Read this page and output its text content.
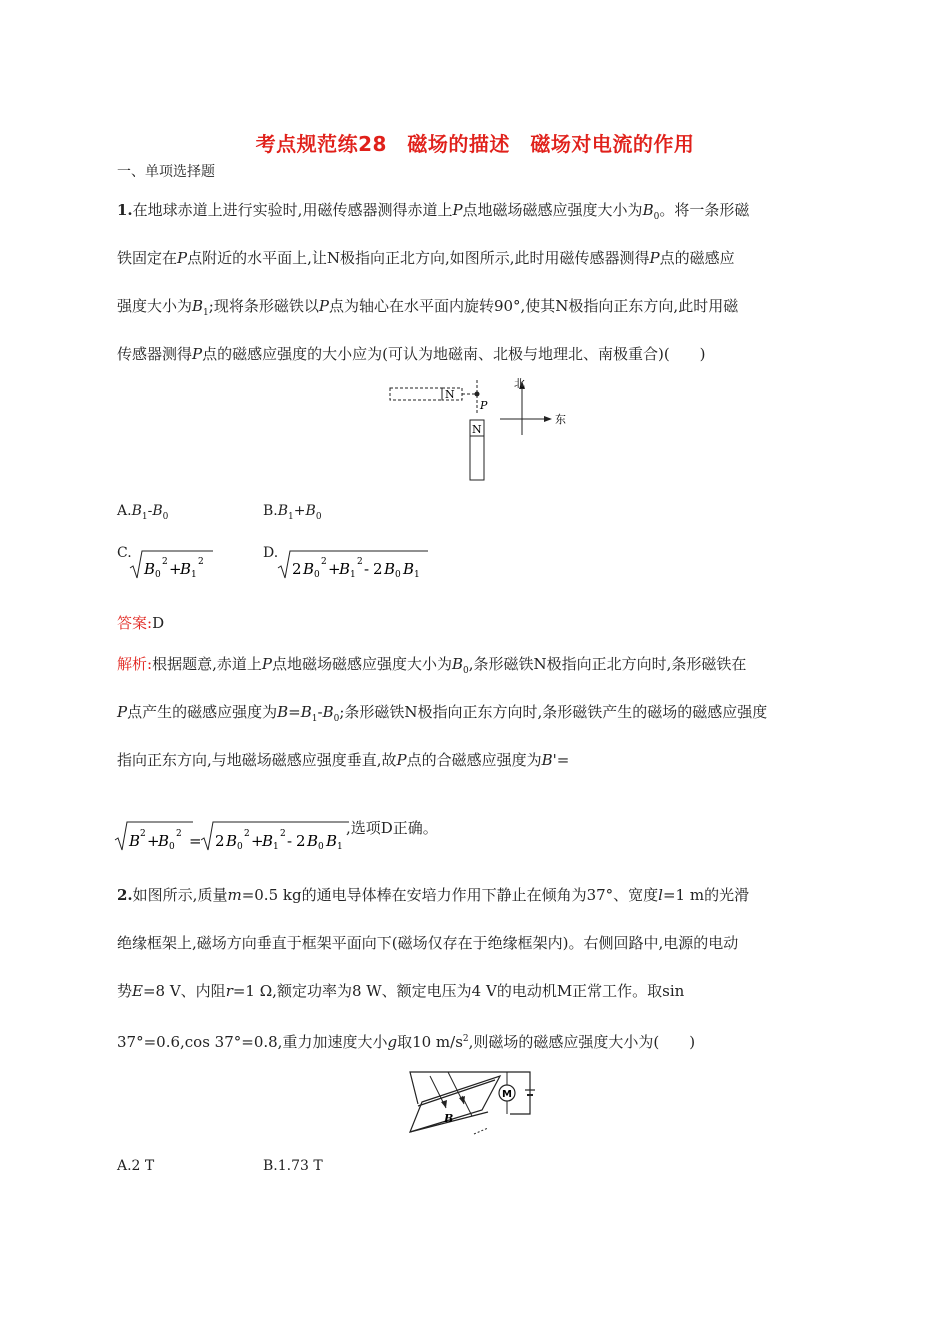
考点规范练28　磁场的描述　磁场对电流的作用
一、单项选择题
1.在地球赤道上进行实验时,用磁传感器测得赤道上P点地磁场磁感应强度大小为$B_0$。将一条形磁
铁固定在P点附近的水平面上,让N极指向正北方向,如图所示,此时用磁传感器测得P点的磁感应
强度大小为$B_1$;现将条形磁铁以P点为轴心在水平面内旋转90°,使其N极指向正东方向,此时用磁
传感器测得P点的磁感应强度的大小应为(可认为地磁南、北极与地理北、南极重合)(　　)
N
P
N
北
东
$A.B_1-B_0$	$B.B_1+B_0$
C.
B 0
2 +
B 1
2
D.
2 B 0
2 +
B 1
2 - 2 B 0 B 1
答案:D
解析:根据题意,赤道上P点地磁场磁感应强度大小为$B_0$,条形磁铁N极指向正北方向时,条形磁铁在
P点产生的磁感应强度为$B=B_1-B_0$;条形磁铁N极指向正东方向时,条形磁铁产生的磁场的磁感应强度
指向正东方向,与地磁场磁感应强度垂直,故P点的合磁感应强度为B'=
B 2 +
B 0
2 = 2 B 0
2 +
B 1
2 - 2 B 0 B 1
,选项D正确。
2.如图所示,质量m=0.5 kg的通电导体棒在安培力作用下静止在倾角为37°、宽度l=1 m的光滑
绝缘框架上,磁场方向垂直于框架平面向下(磁场仅存在于绝缘框架内)。右侧回路中,电源的电动
势E=8 V、内阻r=1 Ω,额定功率为8 W、额定电压为4 V的电动机M正常工作。取sin
37°=0.6,cos 37°=0.8,重力加速度大小g取10 $m/s^2$,则磁场的磁感应强度大小为(　　)
M
B
A.2 T	B.1.73 T
